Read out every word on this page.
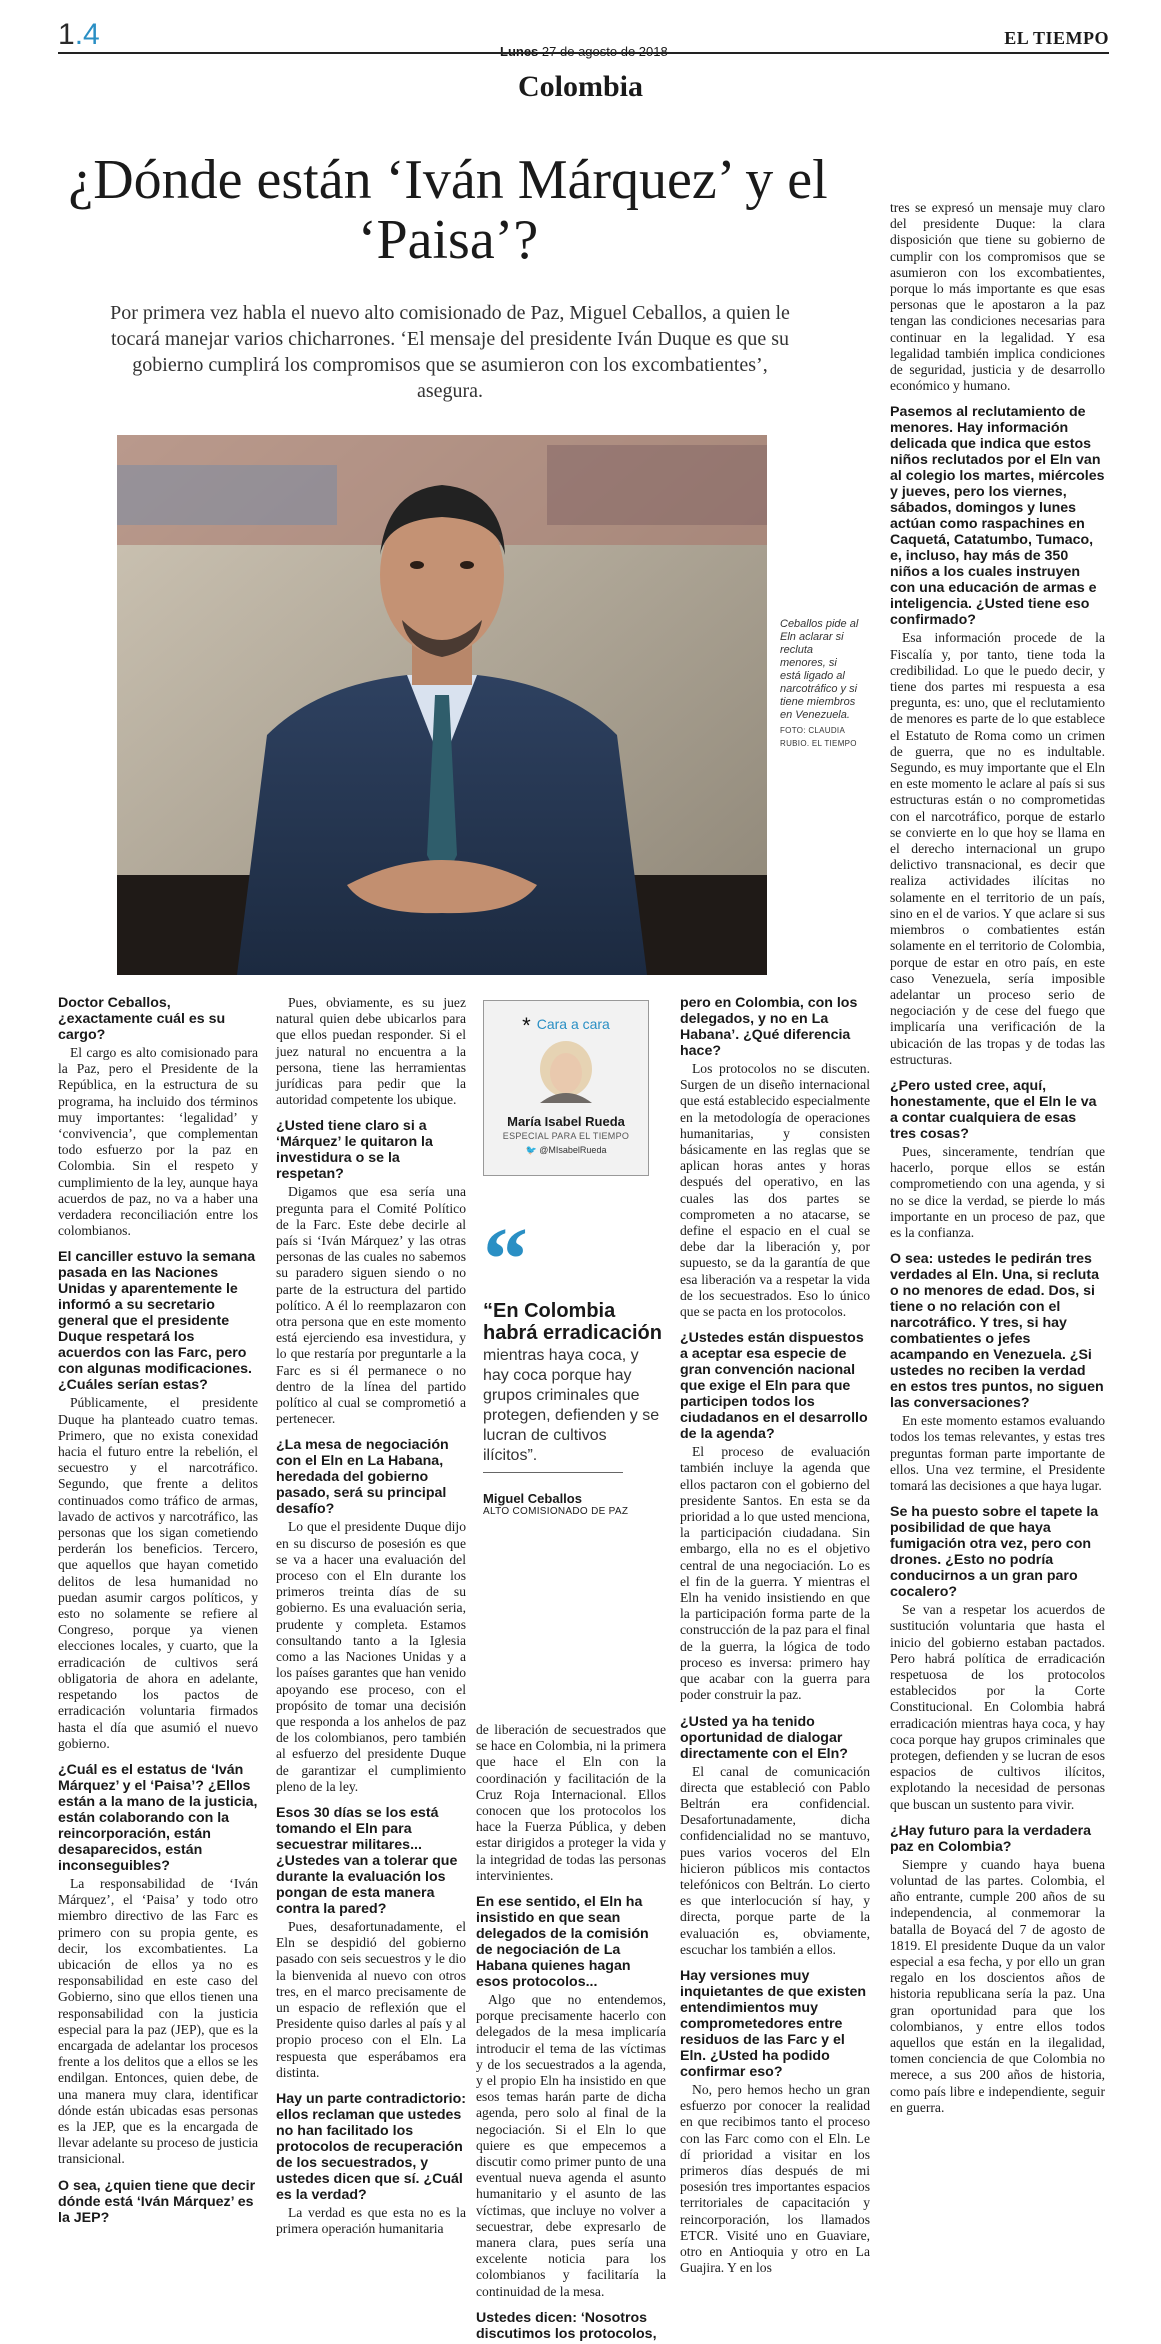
1.4	EL TIEMPO
Colombia
¿Dónde están ‘Iván Márquez’ y el ‘Paisa’?
Por primera vez habla el nuevo alto comisionado de Paz, Miguel Ceballos, a quien le tocará manejar varios chicharrones. ‘El mensaje del presidente Iván Duque es que su gobierno cumplirá los compromisos que se asumieron con los excombatientes’, asegura.
Ceballos pide al Eln aclarar si recluta menores, si está ligado al narcotráfico y si tiene miembros en Venezuela.
FOTO: CLAUDIA RUBIO. EL TIEMPO
Doctor Ceballos, ¿exactamente cuál es su cargo?

El cargo es alto comisionado para la Paz, pero el Presidente de la República, en la estructura de su programa, ha incluido dos términos muy importantes: ‘legalidad’ y ‘convivencia’, que complementan todo esfuerzo por la paz en Colombia. Sin el respeto y cumplimiento de la ley, aunque haya acuerdos de paz, no va a haber una verdadera reconciliación entre los colombianos.

El canciller estuvo la semana pasada en las Naciones Unidas y aparentemente le informó a su secretario general que el presidente Duque respetará los acuerdos con las Farc, pero con algunas modificaciones. ¿Cuáles serían estas?

Públicamente, el presidente Duque ha planteado cuatro temas. Primero, que no exista conexidad hacia el futuro entre la rebelión, el secuestro y el narcotráfico. Segundo, que frente a delitos continuados como tráfico de armas, lavado de activos y narcotráfico, las personas que los sigan cometiendo perderán los beneficios. Tercero, que aquellos que hayan cometido delitos de lesa humanidad no puedan asumir cargos políticos, y esto no solamente se refiere al Congreso, porque ya vienen elecciones locales, y cuarto, que la erradicación de cultivos será obligatoria de ahora en adelante, respetando los pactos de erradicación voluntaria firmados hasta el día que asumió el nuevo gobierno.

¿Cuál es el estatus de ‘Iván Márquez’ y el ‘Paisa’? ¿Ellos están a la mano de la justicia, están colaborando con la reincorporación, están desaparecidos, están inconseguibles?

La responsabilidad de ‘Iván Márquez’, el ‘Paisa’ y todo otro miembro directivo de las Farc es primero con su propia gente, es decir, los excombatientes. La ubicación de ellos ya no es responsabilidad en este caso del Gobierno, sino que ellos tienen una responsabilidad con la justicia especial para la paz (JEP), que es la encargada de adelantar los procesos frente a los delitos que a ellos se les endilgan. Entonces, quien debe, de una manera muy clara, identificar dónde están ubicadas esas personas es la JEP, que es la encargada de llevar adelante su proceso de justicia transicional.

O sea, ¿quien tiene que decir dónde está ‘Iván Márquez’ es la JEP?

Pues, obviamente, es su juez natural quien debe ubicarlos para que ellos puedan responder. Si el juez natural no encuentra a la persona, tiene las herramientas jurídicas para pedir que la autoridad competente los ubique.

¿Usted tiene claro si a ‘Márquez’ le quitaron la investidura o se la respetan?

Digamos que esa sería una pregunta para el Comité Político de la Farc. Este debe decirle al país si ‘Iván Márquez’ y las otras personas de las cuales no sabemos su paradero siguen siendo o no parte de la estructura del partido político. A él lo reemplazaron con otra persona que en este momento está ejerciendo esa investidura, y lo que restaría por preguntarle a la Farc es si él permanece o no dentro de la línea del partido político al cual se comprometió a pertenecer.

¿La mesa de negociación con el Eln en La Habana, heredada del gobierno pasado, será su principal desafío?

Lo que el presidente Duque dijo en su discurso de posesión es que se va a hacer una evaluación del proceso con el Eln durante los primeros treinta días de su gobierno. Es una evaluación seria, prudente y completa. Estamos consultando tanto a la Iglesia como a las Naciones Unidas y a los países garantes que han venido apoyando ese proceso, con el propósito de tomar una decisión que responda a los anhelos de paz de los colombianos, pero también al esfuerzo del presidente Duque de garantizar el cumplimiento pleno de la ley.

Esos 30 días se los está tomando el Eln para secuestrar militares... ¿Ustedes van a tolerar que durante la evaluación los pongan de esta manera contra la pared?

Pues, desafortunadamente, el Eln se despidió del gobierno pasado con seis secuestros y le dio la bienvenida al nuevo con otros tres, en el marco precisamente de un espacio de reflexión que el Presidente quiso darles al país y al propio proceso con el Eln. La respuesta que esperábamos era distinta.

Hay un parte contradictorio: ellos reclaman que ustedes no han facilitado los protocolos de recuperación de los secuestrados, y ustedes dicen que sí. ¿Cuál es la verdad?

La verdad es que esta no es la primera operación humanitaria

de liberación de secuestrados que se hace en Colombia, ni la primera que hace el Eln con la coordinación y facilitación de la Cruz Roja Internacional. Ellos conocen que los protocolos los hace la Fuerza Pública, y deben estar dirigidos a proteger la vida y la integridad de todas las personas intervinientes.

En ese sentido, el Eln ha insistido en que sean delegados de la comisión de negociación de La Habana quienes hagan esos protocolos...

Algo que no entendemos, porque precisamente hacerlo con delegados de la mesa implicaría introducir el tema de las víctimas y de los secuestrados a la agenda, y el propio Eln ha insistido en que esos temas harán parte de dicha agenda, pero solo al final de la negociación. Si el Eln lo que quiere es que empecemos a discutir como primer punto de una eventual nueva agenda el asunto humanitario y el asunto de las víctimas, que incluye no volver a secuestrar, debe expresarlo de manera clara, pues sería una excelente noticia para los colombianos y facilitaría la continuidad de la mesa.

Ustedes dicen: ‘Nosotros discutimos los protocolos,
pero en Colombia, con los delegados, y no en La Habana’. ¿Qué diferencia hace?

Los protocolos no se discuten. Surgen de un diseño internacional que está establecido especialmente en la metodología de operaciones humanitarias, y consisten básicamente en las reglas que se aplican horas antes y horas después del operativo, en las cuales las dos partes se comprometen a no atacarse, se define el espacio en el cual se debe dar la liberación y, por supuesto, se da la garantía de que esa liberación va a respetar la vida de los secuestrados. Eso lo único que se pacta en los protocolos.

¿Ustedes están dispuestos a aceptar esa especie de gran convención nacional que exige el Eln para que participen todos los ciudadanos en el desarrollo de la agenda?

El proceso de evaluación también incluye la agenda que ellos pactaron con el gobierno del presidente Santos. En esta se da prioridad a lo que usted menciona, la participación ciudadana. Sin embargo, ella no es el objetivo central de una negociación. Lo es el fin de la guerra. Y mientras el Eln ha venido insistiendo en que la participación forma parte de la construcción de la paz para el final de la guerra, la lógica de todo proceso es inversa: primero hay que acabar con la guerra para poder construir la paz.

¿Usted ya ha tenido oportunidad de dialogar directamente con el Eln?

El canal de comunicación directa que estableció con Pablo Beltrán era confidencial. Desafortunadamente, dicha confidencialidad no se mantuvo, pues varios voceros del Eln hicieron públicos mis contactos telefónicos con Beltrán. Lo cierto es que interlocución sí hay, y directa, porque parte de la evaluación es, obviamente, escuchar los también a ellos.

Hay versiones muy inquietantes de que existen entendimientos muy comprometedores entre residuos de las Farc y el Eln. ¿Usted ha podido confirmar eso?

No, pero hemos hecho un gran esfuerzo por conocer la realidad en que recibimos tanto el proceso con las Farc como con el Eln. Le dí prioridad a visitar en los primeros días después de mi posesión tres importantes espacios territoriales de capacitación y reincorporación, los llamados ETCR. Visité uno en Guaviare, otro en Antioquia y otro en La Guajira. Y en los

tres se expresó un mensaje muy claro del presidente Duque: la clara disposición que tiene su gobierno de cumplir con los compromisos que se asumieron con los excombatientes, porque lo más importante es que esas personas que le apostaron a la paz tengan las condiciones necesarias para continuar en la legalidad. Y esa legalidad también implica condiciones de seguridad, justicia y de desarrollo económico y humano.

Pasemos al reclutamiento de menores. Hay información delicada que indica que estos niños reclutados por el Eln van al colegio los martes, miércoles y jueves, pero los viernes, sábados, domingos y lunes actúan como raspachines en Caquetá, Catatumbo, Tumaco, e, incluso, hay más de 350 niños a los cuales instruyen con una educación de armas e inteligencia. ¿Usted tiene eso confirmado?

Esa información procede de la Fiscalía y, por tanto, tiene toda la credibilidad. Lo que le puedo decir, y tiene dos partes mi respuesta a esa pregunta, es: uno, que el reclutamiento de menores es parte de lo que establece el Estatuto de Roma como un crimen de guerra, que no es indultable. Segundo, es muy importante que el Eln en este momento le aclare al país si sus estructuras están o no comprometidas con el narcotráfico, porque de estarlo se convierte en lo que hoy se llama en el derecho internacional un grupo delictivo transnacional, es decir que realiza actividades ilícitas no solamente en el territorio de un país, sino en el de varios. Y que aclare si sus miembros o combatientes están solamente en el territorio de Colombia, porque de estar en otro país, en este caso Venezuela, sería imposible adelantar un proceso serio de negociación y de cese del fuego que implicaría una verificación de la ubicación de las tropas y de todas las estructuras.

¿Pero usted cree, aquí, honestamente, que el Eln le va a contar cualquiera de esas tres cosas?

Pues, sinceramente, tendrían que hacerlo, porque ellos se están comprometiendo con una agenda, y si no se dice la verdad, se pierde lo más importante en un proceso de paz, que es la confianza.

O sea: ustedes le pedirán tres verdades al Eln. Una, si recluta o no menores de edad. Dos, si tiene o no relación con el narcotráfico. Y tres, si hay combatientes o jefes acampando en Venezuela. ¿Si ustedes no reciben la verdad en estos tres puntos, no siguen las conversaciones?

En este momento estamos evaluando todos los temas relevantes, y estas tres preguntas forman parte importante de ellos. Una vez termine, el Presidente tomará las decisiones a que haya lugar.

Se ha puesto sobre el tapete la posibilidad de que haya fumigación otra vez, pero con drones. ¿Esto no podría conducirnos a un gran paro cocalero?

Se van a respetar los acuerdos de sustitución voluntaria que hasta el inicio del gobierno estaban pactados. Pero habrá política de erradicación respetuosa de los protocolos establecidos por la Corte Constitucional. En Colombia habrá erradicación mientras haya coca, y hay coca porque hay grupos criminales que protegen, defienden y se lucran de esos espacios de cultivos ilícitos, explotando la necesidad de personas que buscan un sustento para vivir.

¿Hay futuro para la verdadera paz en Colombia?

Siempre y cuando haya buena voluntad de las partes. Colombia, el año entrante, cumple 200 años de su independencia, al conmemorar la batalla de Boyacá del 7 de agosto de 1819. El presidente Duque da un valor especial a esa fecha, y por ello un gran regalo en los doscientos años de historia republicana sería la paz. Una gran oportunidad para que los colombianos, y entre ellos todos aquellos que están en la ilegalidad, tomen conciencia de que Colombia no merece, a sus 200 años de historia, como país libre e independiente, seguir en guerra.

* Cara a cara
María Isabel Rueda
ESPECIAL PARA EL TIEMPO
🐦 @MIsabelRueda
“
“En Colombia habrá erradicación
mientras haya coca, y hay coca porque hay grupos criminales que protegen, defienden y se lucran de cultivos ilícitos”.
Miguel Ceballos
ALTO COMISIONADO DE PAZ
